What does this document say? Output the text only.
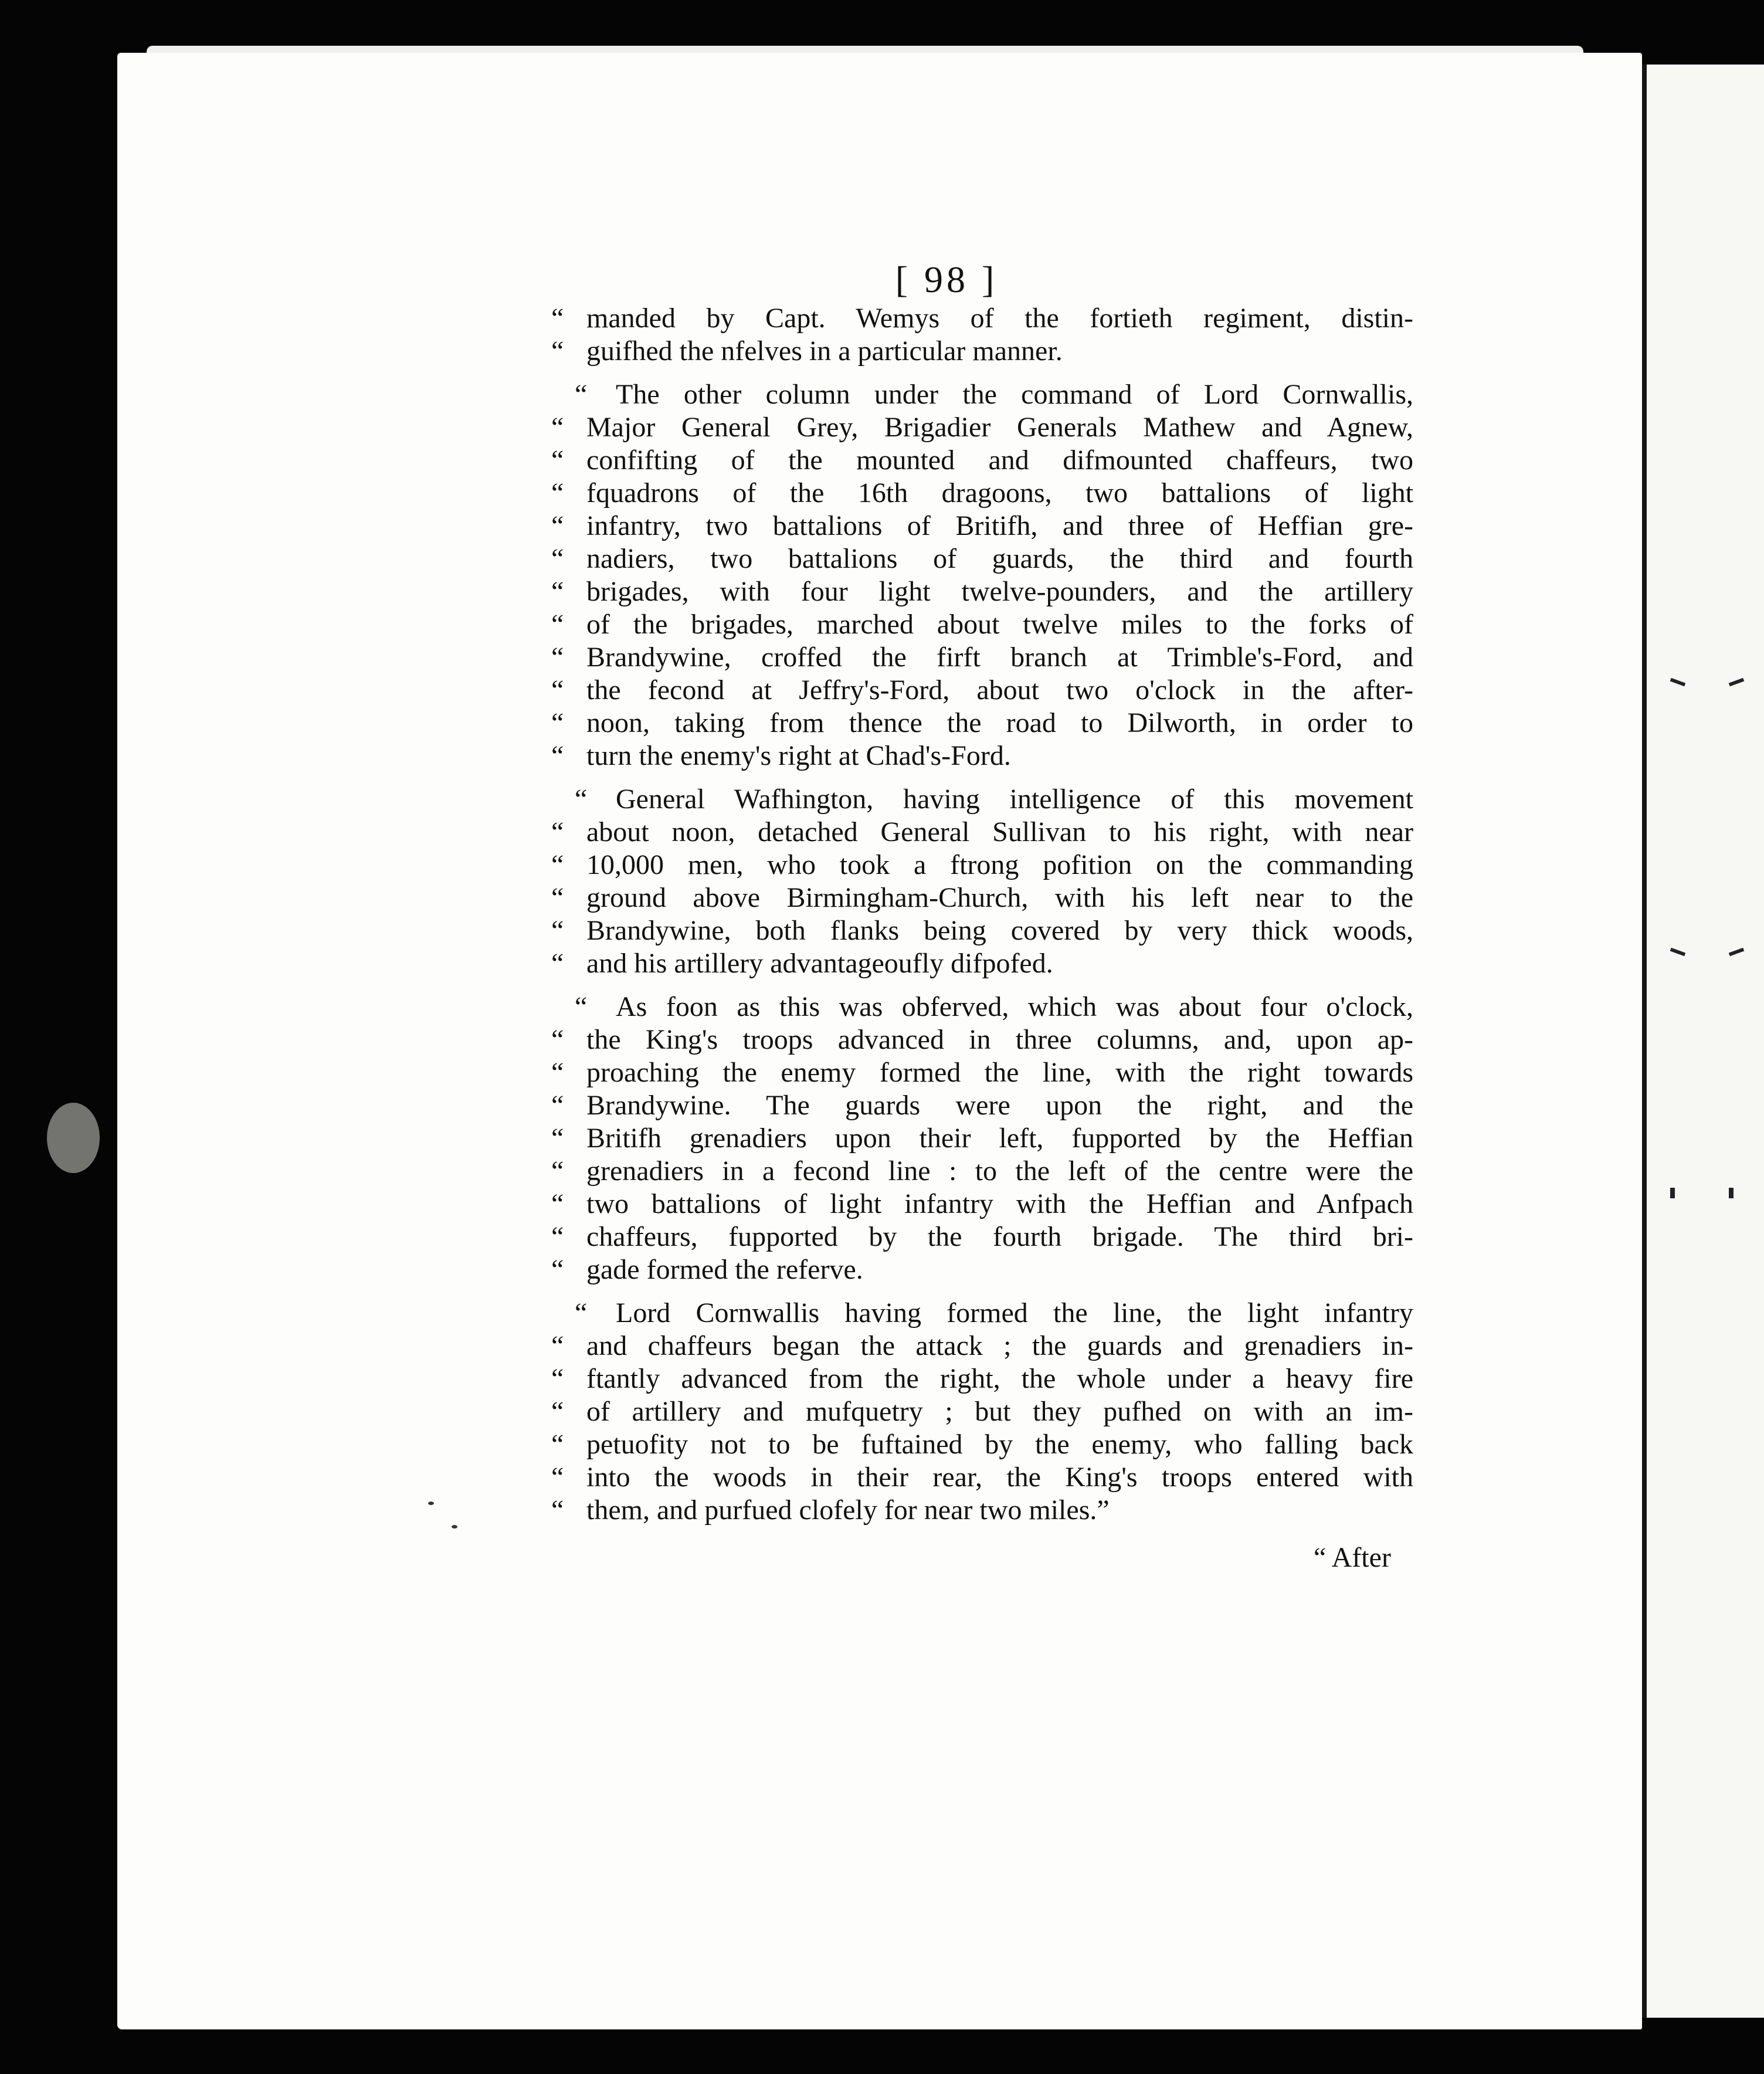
[ 98 ]
“ manded by Capt. Wemys of the fortieth regiment, distin-
“ guifhed the nfelves in a particular manner.
“ The other column under the command of Lord Cornwallis,
“ Major General Grey, Brigadier Generals Mathew and Agnew,
“ confifting of the mounted and difmounted chaffeurs, two
“ fquadrons of the 16th dragoons, two battalions of light
“ infantry, two battalions of Britifh, and three of Heffian gre-
“ nadiers, two battalions of guards, the third and fourth
“ brigades, with four light twelve-pounders, and the artillery
“ of the brigades, marched about twelve miles to the forks of
“ Brandywine, croffed the firft branch at Trimble's-Ford, and
“ the fecond at Jeffry's-Ford, about two o'clock in the after-
“ noon, taking from thence the road to Dilworth, in order to
“ turn the enemy's right at Chad's-Ford.
“ General Wafhington, having intelligence of this movement
“ about noon, detached General Sullivan to his right, with near
“ 10,000 men, who took a ftrong pofition on the commanding
“ ground above Birmingham-Church, with his left near to the
“ Brandywine, both flanks being covered by very thick woods,
“ and his artillery advantageoufly difpofed.
“ As foon as this was obferved, which was about four o'clock,
“ the King's troops advanced in three columns, and, upon ap-
“ proaching the enemy formed the line, with the right towards
“ Brandywine. The guards were upon the right, and the
“ Britifh grenadiers upon their left, fupported by the Heffian
“ grenadiers in a fecond line : to the left of the centre were the
“ two battalions of light infantry with the Heffian and Anfpach
“ chaffeurs, fupported by the fourth brigade. The third bri-
“ gade formed the referve.
“ Lord Cornwallis having formed the line, the light infantry
“ and chaffeurs began the attack ; the guards and grenadiers in-
“ ftantly advanced from the right, the whole under a heavy fire
“ of artillery and mufquetry ; but they pufhed on with an im-
“ petuofity not to be fuftained by the enemy, who falling back
“ into the woods in their rear, the King's troops entered with
“ them, and purfued clofely for near two miles.”
“ After
